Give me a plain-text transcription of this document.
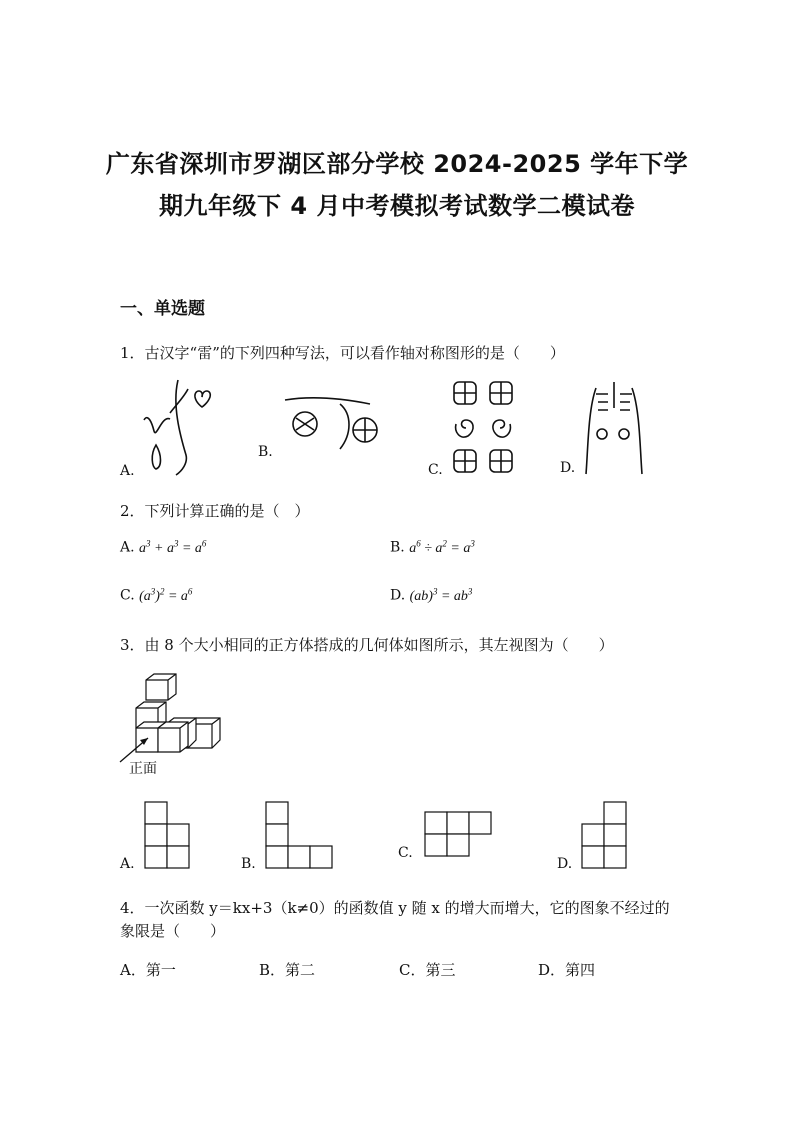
广东省深圳市罗湖区部分学校 2024-2025 学年下学
期九年级下 4 月中考模拟考试数学二模试卷
一、单选题
1．古汉字“雷”的下列四种写法，可以看作轴对称图形的是（　　）
A.
B.
C.	D.
2．下列计算正确的是（　）
A. $a^3 + a^3 = a^6$	B. $a^6 \div a^2 = a^3$
C. $(a^3)^2 = a^6$	D. $(ab)^3 = ab^3$
3．由 8 个大小相同的正方体搭成的几何体如图所示，其左视图为（　　）
正面
A.	B.
C.
D.
4．一次函数 y＝kx+3（k≠0）的函数值 y 随 x 的增大而增大，它的图象不经过的
象限是（　　）
A．第一	B．第二	C．第三	D．第四
